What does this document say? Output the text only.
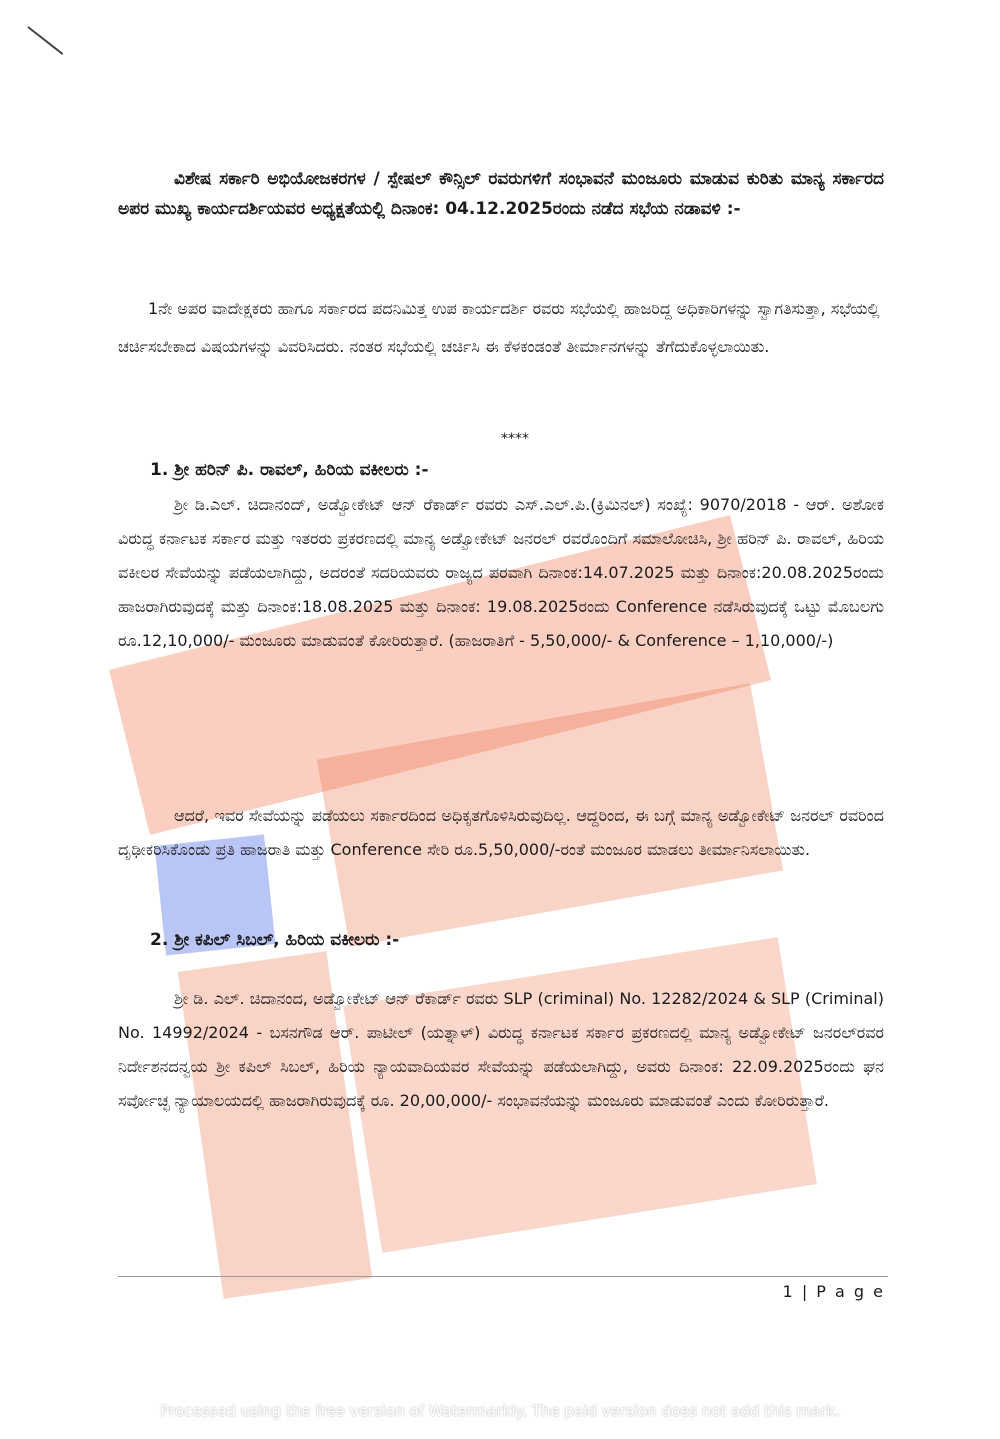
ವಿಶೇಷ ಸರ್ಕಾರಿ ಅಭಿಯೋಜಕರಗಳ / ಸ್ಪೇಷಲ್ ಕೌನ್ಸಿಲ್ ರವರುಗಳಿಗೆ ಸಂಭಾವನೆ ಮಂಜೂರು ಮಾಡುವ ಕುರಿತು ಮಾನ್ಯ ಸರ್ಕಾರದ ಅಪರ ಮುಖ್ಯ ಕಾರ್ಯದರ್ಶಿಯವರ ಅಧ್ಯಕ್ಷತೆಯಲ್ಲಿ ದಿನಾಂಕ: 04.12.2025ರಂದು ನಡೆದ ಸಭೆಯ ನಡಾವಳಿ :-
1ನೇ ಅಪರ ವಾದೇಕ್ಷಕರು ಹಾಗೂ ಸರ್ಕಾರದ ಪದನಿಮಿತ್ತ ಉಪ ಕಾರ್ಯದರ್ಶಿ ರವರು ಸಭೆಯಲ್ಲಿ ಹಾಜರಿದ್ದ ಅಧಿಕಾರಿಗಳನ್ನು ಸ್ವಾಗತಿಸುತ್ತಾ, ಸಭೆಯಲ್ಲಿ ಚರ್ಚಿಸಬೇಕಾದ ವಿಷಯಗಳನ್ನು ವಿವರಿಸಿದರು. ನಂತರ ಸಭೆಯಲ್ಲಿ ಚರ್ಚಿಸಿ ಈ ಕೆಳಕಂಡಂತೆ ತೀರ್ಮಾನಗಳನ್ನು ತೆಗೆದುಕೊಳ್ಳಲಾಯಿತು.
****
1. ಶ್ರೀ ಹರಿನ್ ಪಿ. ರಾವಲ್, ಹಿರಿಯ ವಕೀಲರು :-
ಶ್ರೀ ಡಿ.ಎಲ್. ಚಿದಾನಂದ್, ಅಡ್ವೋಕೇಟ್ ಆನ್ ರೆಕಾರ್ಡ್ ರವರು ಎಸ್.ಎಲ್.ಪಿ.(ಕ್ರಿಮಿನಲ್) ಸಂಖ್ಯೆ: 9070/2018 - ಆರ್. ಅಶೋಕ ವಿರುದ್ಧ ಕರ್ನಾಟಕ ಸರ್ಕಾರ ಮತ್ತು ಇತರರು ಪ್ರಕರಣದಲ್ಲಿ ಮಾನ್ಯ ಅಡ್ವೋಕೇಟ್ ಜನರಲ್ ರವರೊಂದಿಗೆ ಸಮಾಲೋಚಿಸಿ, ಶ್ರೀ ಹರಿನ್ ಪಿ. ರಾವಲ್, ಹಿರಿಯ ವಕೀಲರ ಸೇವೆಯನ್ನು ಪಡೆಯಲಾಗಿದ್ದು, ಅದರಂತೆ ಸದರಿಯವರು ರಾಜ್ಯದ ಪರವಾಗಿ ದಿನಾಂಕ:14.07.2025 ಮತ್ತು ದಿನಾಂಕ:20.08.2025ರಂದು ಹಾಜರಾಗಿರುವುದಕ್ಕೆ ಮತ್ತು ದಿನಾಂಕ:18.08.2025 ಮತ್ತು ದಿನಾಂಕ: 19.08.2025ರಂದು Conference ನಡೆಸಿರುವುದಕ್ಕೆ ಒಟ್ಟು ಮೊಬಲಗು ರೂ.12,10,000/- ಮಂಜೂರು ಮಾಡುವಂತೆ ಕೋರಿರುತ್ತಾರೆ. (ಹಾಜರಾತಿಗೆ - 5,50,000/- & Conference – 1,10,000/-)
ಆದರೆ, ಇವರ ಸೇವೆಯನ್ನು ಪಡೆಯಲು ಸರ್ಕಾರದಿಂದ ಅಧಿಕೃತಗೊಳಿಸಿರುವುದಿಲ್ಲ. ಆದ್ದರಿಂದ, ಈ ಬಗ್ಗೆ ಮಾನ್ಯ ಅಡ್ವೋಕೇಟ್ ಜನರಲ್ ರವರಿಂದ ದೃಢೀಕರಿಸಿಕೊಂಡು ಪ್ರತಿ ಹಾಜರಾತಿ ಮತ್ತು Conference ಸೇರಿ ರೂ.5,50,000/-ರಂತೆ ಮಂಜೂರ ಮಾಡಲು ತೀರ್ಮಾನಿಸಲಾಯಿತು.
2. ಶ್ರೀ ಕಪಿಲ್ ಸಿಬಲ್, ಹಿರಿಯ ವಕೀಲರು :-
ಶ್ರೀ ಡಿ. ಎಲ್. ಚಿದಾನಂದ, ಅಡ್ವೋಕೇಟ್ ಆನ್ ರೆಕಾರ್ಡ್ ರವರು SLP (criminal) No. 12282/2024 & SLP (Criminal) No. 14992/2024 - ಬಸನಗೌಡ ಆರ್. ಪಾಟೀಲ್ (ಯತ್ನಾಳ್) ವಿರುದ್ಧ ಕರ್ನಾಟಕ ಸರ್ಕಾರ ಪ್ರಕರಣದಲ್ಲಿ ಮಾನ್ಯ ಅಡ್ವೋಕೇಟ್ ಜನರಲ್‌ರವರ ನಿರ್ದೇಶನದನ್ವಯ ಶ್ರೀ ಕಪಿಲ್ ಸಿಬಲ್, ಹಿರಿಯ ನ್ಯಾಯವಾದಿಯವರ ಸೇವೆಯನ್ನು ಪಡೆಯಲಾಗಿದ್ದು, ಅವರು ದಿನಾಂಕ: 22.09.2025ರಂದು ಘನ ಸರ್ವೋಚ್ಛ ನ್ಯಾಯಾಲಯದಲ್ಲಿ ಹಾಜರಾಗಿರುವುದಕ್ಕೆ ರೂ. 20,00,000/- ಸಂಭಾವನೆಯನ್ನು ಮಂಜೂರು ಮಾಡುವಂತೆ ಎಂದು ಕೋರಿರುತ್ತಾರೆ.
1 | P a g e
Processed using the free version of Watermarkly. The paid version does not add this mark.
